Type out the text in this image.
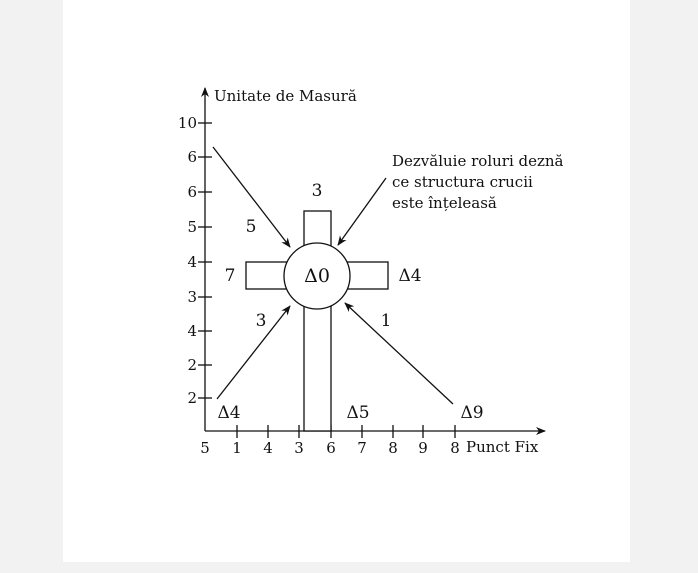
10
6
6
5
4
3
4
2
2
5 1 4 3 6 7 8 9 8
Unitate de Masură
Punct Fix
3
5
7	Δ0	Δ4
3	1
Δ4	Δ5	Δ9
Dezvăluie roluri deznă
ce structura crucii
este înțeleasă
